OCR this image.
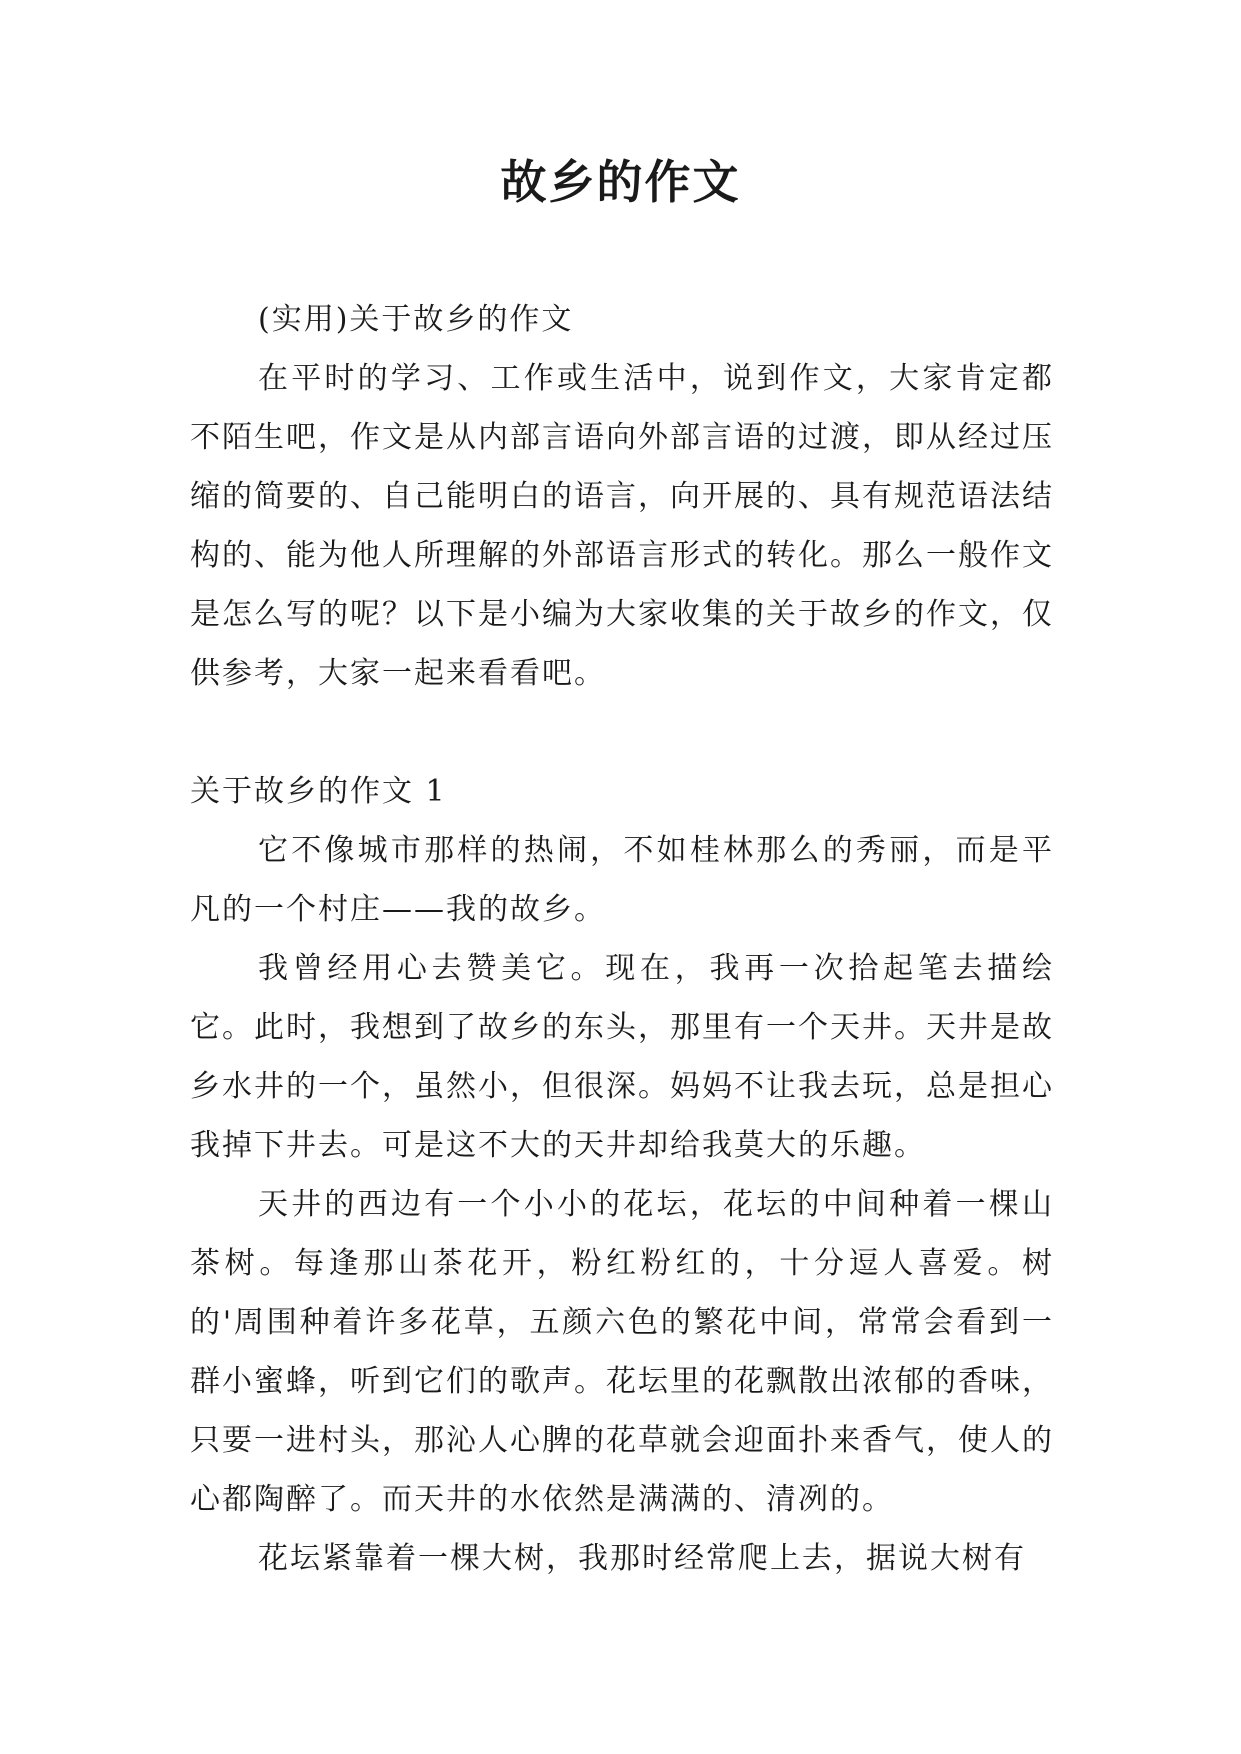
故乡的作文

(实用)关于故乡的作文

在平时的学习、工作或生活中，说到作文，大家肯定都不陌生吧，作文是从内部言语向外部言语的过渡，即从经过压缩的简要的、自己能明白的语言，向开展的、具有规范语法结构的、能为他人所理解的外部语言形式的转化。那么一般作文是怎么写的呢？以下是小编为大家收集的关于故乡的作文，仅供参考，大家一起来看看吧。

关于故乡的作文 1

它不像城市那样的热闹，不如桂林那么的秀丽，而是平凡的一个村庄——我的故乡。

我曾经用心去赞美它。现在，我再一次拾起笔去描绘它。此时，我想到了故乡的东头，那里有一个天井。天井是故乡水井的一个，虽然小，但很深。妈妈不让我去玩，总是担心我掉下井去。可是这不大的天井却给我莫大的乐趣。

天井的西边有一个小小的花坛，花坛的中间种着一棵山茶树。每逢那山茶花开，粉红粉红的，十分逗人喜爱。树的'周围种着许多花草，五颜六色的繁花中间，常常会看到一群小蜜蜂，听到它们的歌声。花坛里的花飘散出浓郁的香味，只要一进村头，那沁人心脾的花草就会迎面扑来香气，使人的心都陶醉了。而天井的水依然是满满的、清冽的。

花坛紧靠着一棵大树，我那时经常爬上去，据说大树有
